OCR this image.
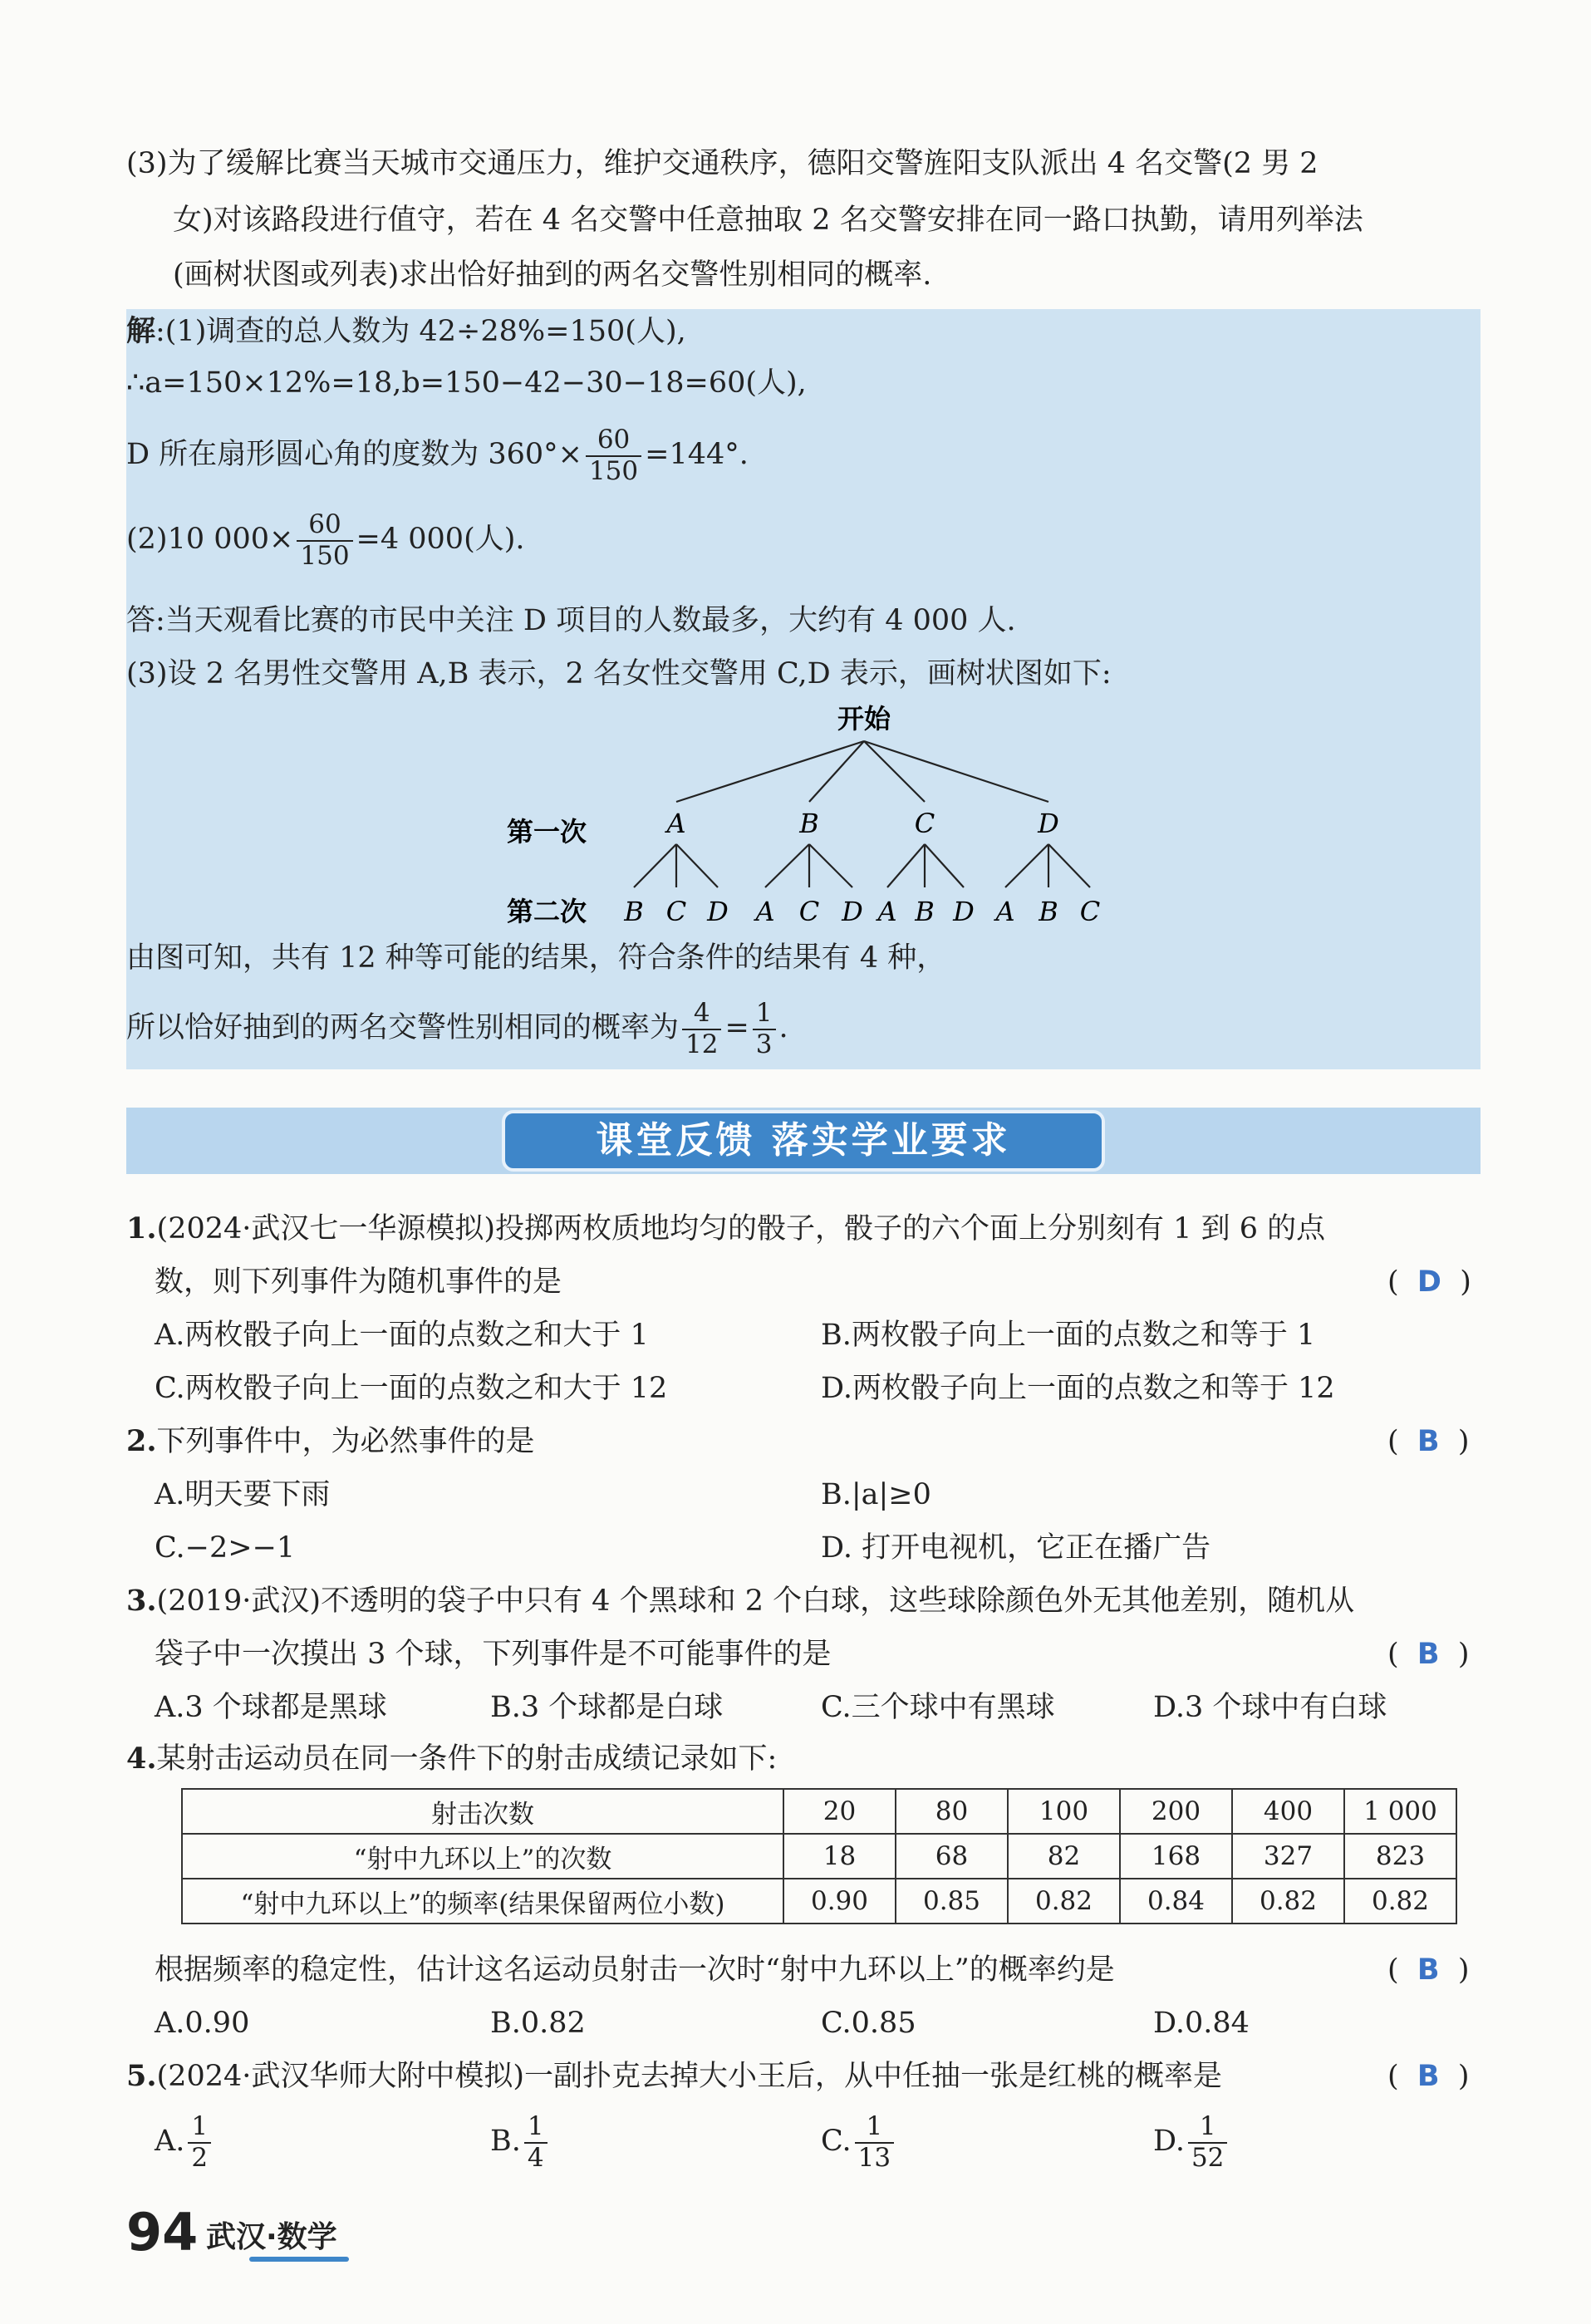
(3)为了缓解比赛当天城市交通压力，维护交通秩序，德阳交警旌阳支队派出 4 名交警(2 男 2
女)对该路段进行值守，若在 4 名交警中任意抽取 2 名交警安排在同一路口执勤，请用列举法
(画树状图或列表)求出恰好抽到的两名交警性别相同的概率.
解:(1)调查的总人数为 42÷28%=150(人),
∴a=150×12%=18,b=150−42−30−18=60(人),
D 所在扇形圆心角的度数为 $360^\circ\times \frac{60}{150} =144^\circ$.
(2)10 $000\times \frac{60}{150} =4$ 000(人).
答:当天观看比赛的市民中关注 D 项目的人数最多，大约有 4 000 人.
(3)设 2 名男性交警用 A,B 表示，2 名女性交警用 C,D 表示，画树状图如下:
开始
第一次
第二次
A	B	C	D
B C D A C D A B D A B C
由图可知，共有 12 种等可能的结果，符合条件的结果有 4 种，
所以恰好抽到的两名交警性别相同的概率为 $\frac{4}{12} = \frac{1}{3}$ .
课堂反馈 落实学业要求
1.(2024·武汉七一华源模拟)投掷两枚质地均匀的骰子，骰子的六个面上分别刻有 1 到 6 的点
数，则下列事件为随机事件的是	(  D  )
A.两枚骰子向上一面的点数之和大于 1	B.两枚骰子向上一面的点数之和等于 1
C.两枚骰子向上一面的点数之和大于 12	D.两枚骰子向上一面的点数之和等于 12
2.下列事件中，为必然事件的是	(  B  )
A.明天要下雨	B.|a|≥0
C.−2>−1	D. 打开电视机，它正在播广告
3.(2019·武汉)不透明的袋子中只有 4 个黑球和 2 个白球，这些球除颜色外无其他差别，随机从
袋子中一次摸出 3 个球，下列事件是不可能事件的是	(  B  )
A.3 个球都是黑球	B.3 个球都是白球	C.三个球中有黑球	D.3 个球中有白球
4.某射击运动员在同一条件下的射击成绩记录如下:
射击次数	20	80	100	200	400	1 000
“射中九环以上”的次数	18	68	82	168	327	823
“射中九环以上”的频率(结果保留两位小数)	0.90	0.85	0.82	0.84	0.82	0.82
根据频率的稳定性，估计这名运动员射击一次时“射中九环以上”的概率约是	(  B  )
A.0.90	B.0.82	C.0.85	D.0.84
5.(2024·武汉华师大附中模拟)一副扑克去掉大小王后，从中任抽一张是红桃的概率是	(  B  )
A. $\frac{1}{2}$	B. $\frac{1}{4}$	C. $\frac{1}{13}$	D. $\frac{1}{52}$
94 武汉·数学
